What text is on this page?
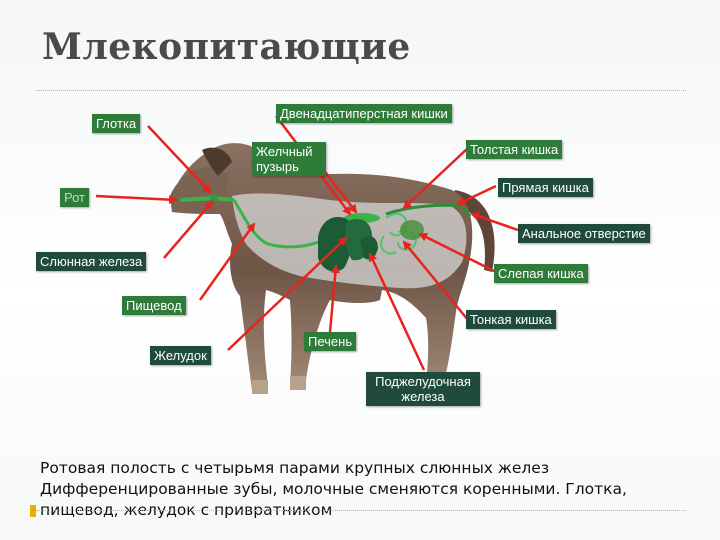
Млекопитающие
Глотка
Двенадцатиперстная кишки
Желчный пузырь
Толстая кишка
Рот
Прямая кишка
Анальное отверстие
Слюнная железа
Слепая кишка
Пищевод
Тонкая кишка
Печень
Желудок
Поджелудочная железа
Ротовая полость с четырьмя парами крупных слюнных желез
Дифференцированные зубы, молочные сменяются коренными. Глотка,
пищевод, желудок с привратником
